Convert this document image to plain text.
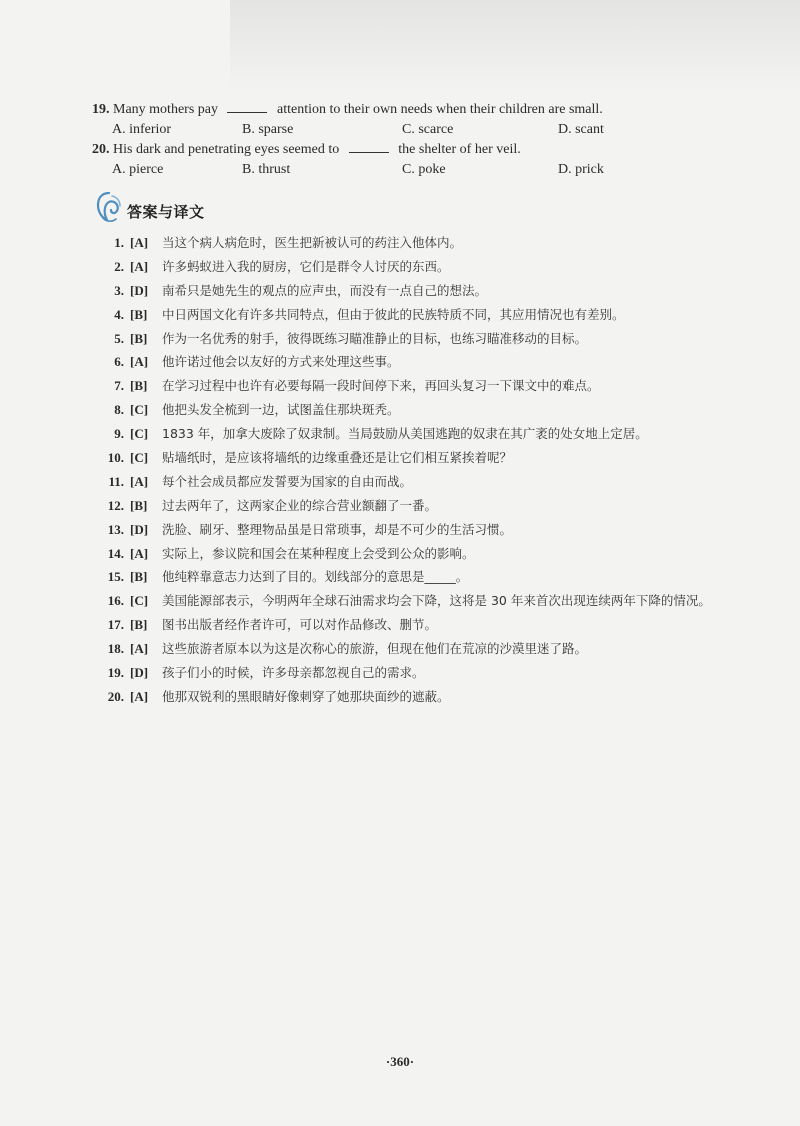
19. Many mothers pay	attention to their own needs when their children are small.
A. inferior	B. sparse	C. scarce	D. scant
20. His dark and penetrating eyes seemed to	the shelter of her veil.
A. pierce	B. thrust	C. poke	D. prick
答案与译文
1. [A]	当这个病人病危时，医生把新被认可的药注入他体内。
2. [A]	许多蚂蚁进入我的厨房，它们是群令人讨厌的东西。
3. [D]	南希只是她先生的观点的应声虫，而没有一点自己的想法。
4. [B]	中日两国文化有许多共同特点，但由于彼此的民族特质不同，其应用情况也有差别。
5. [B]	作为一名优秀的射手，彼得既练习瞄准静止的目标，也练习瞄准移动的目标。
6. [A]	他许诺过他会以友好的方式来处理这些事。
7. [B]	在学习过程中也许有必要每隔一段时间停下来，再回头复习一下课文中的难点。
8. [C]	他把头发全梳到一边，试图盖住那块斑秃。
9. [C]	1833 年，加拿大废除了奴隶制。当局鼓励从美国逃跑的奴隶在其广袤的处女地上定居。
10. [C]	贴墙纸时，是应该将墙纸的边缘重叠还是让它们相互紧挨着呢？
11. [A]	每个社会成员都应发誓要为国家的自由而战。
12. [B]	过去两年了，这两家企业的综合营业额翻了一番。
13. [D]	洗脸、刷牙、整理物品虽是日常琐事，却是不可少的生活习惯。
14. [A]	实际上，参议院和国会在某种程度上会受到公众的影响。
15. [B]	他纯粹靠意志力达到了目的。划线部分的意思是_____。
16. [C]	美国能源部表示，今明两年全球石油需求均会下降，这将是 30 年来首次出现连续两年下降的情况。
17. [B]	图书出版者经作者许可，可以对作品修改、删节。
18. [A]	这些旅游者原本以为这是次称心的旅游，但现在他们在荒凉的沙漠里迷了路。
19. [D]	孩子们小的时候，许多母亲都忽视自己的需求。
20. [A]	他那双锐利的黑眼睛好像刺穿了她那块面纱的遮蔽。
·360·
